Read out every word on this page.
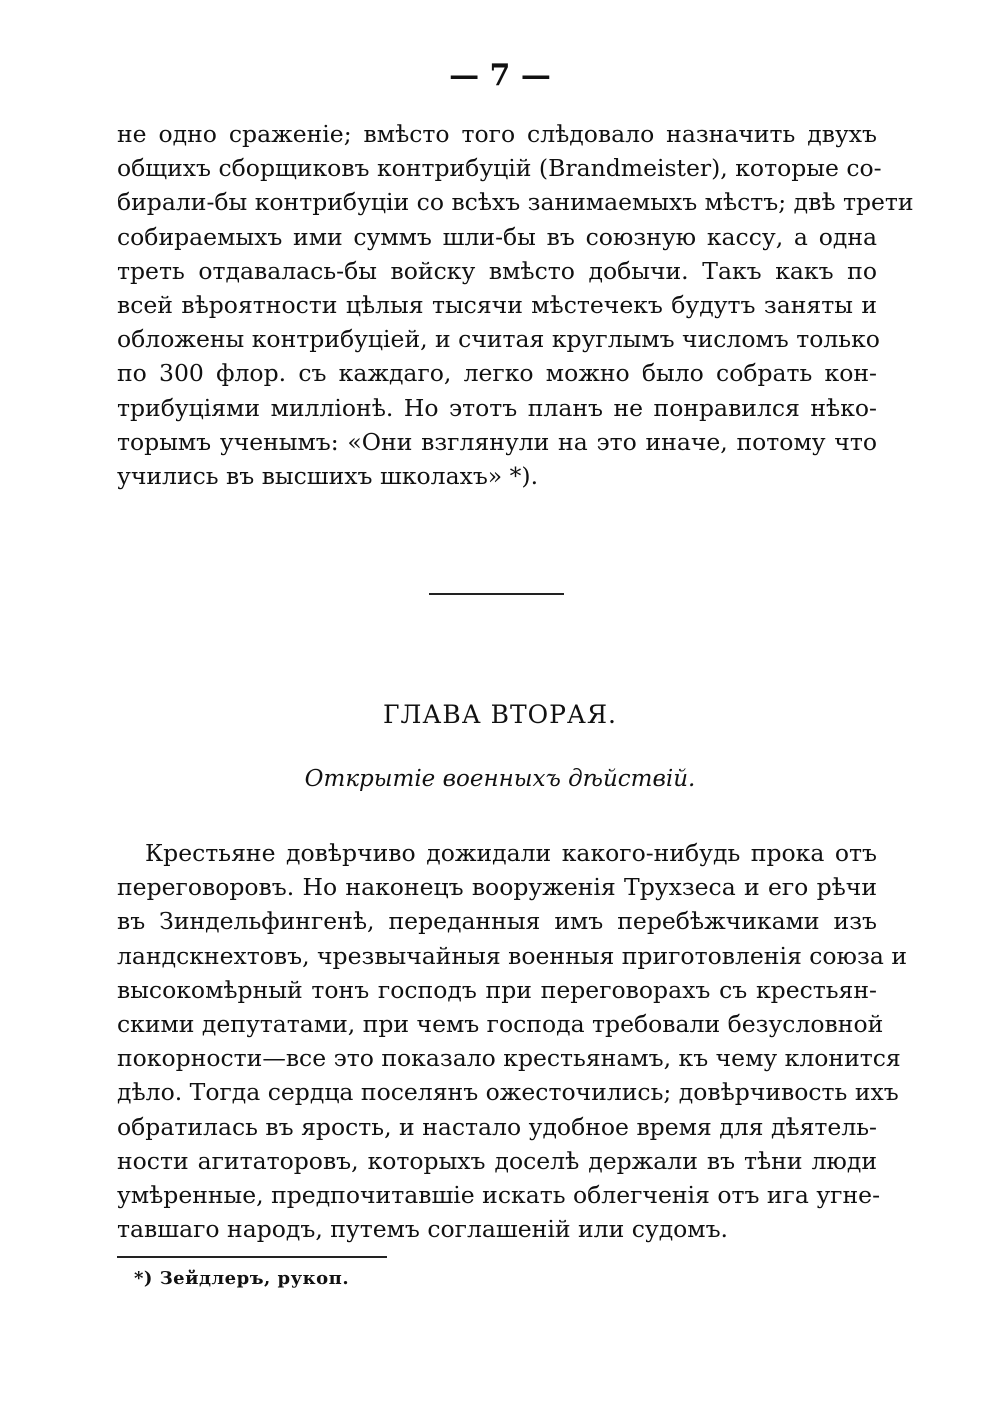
— 7 —
не одно сраженіе; вмѣсто того слѣдовало назначить двухъ
общихъ сборщиковъ контрибуцій (Brandmeister), которые со-
бирали-бы контрибуціи со всѣхъ занимаемыхъ мѣстъ; двѣ трети
собираемыхъ ими суммъ шли-бы въ союзную кассу, а одна
треть отдавалась-бы войску вмѣсто добычи. Такъ какъ по
всей вѣроятности цѣлыя тысячи мѣстечекъ будутъ заняты и
обложены контрибуціей, и считая круглымъ числомъ только
по 300 флор. съ каждаго, легко можно было собрать кон-
трибуціями милліонѣ. Но этотъ планъ не понравился нѣко-
торымъ ученымъ: «Они взглянули на это иначе, потому что
учились въ высшихъ школахъ» *).
ГЛАВА ВТОРАЯ.
Открытіе военныхъ дѣйствій.
Крестьяне довѣрчиво дожидали какого-нибудь прока отъ
переговоровъ. Но наконецъ вооруженія Трухзеса и его рѣчи
въ Зиндельфингенѣ, переданныя имъ перебѣжчиками изъ
ландскнехтовъ, чрезвычайныя военныя приготовленія союза и
высокомѣрный тонъ господъ при переговорахъ съ крестьян-
скими депутатами, при чемъ господа требовали безусловной
покорности—все это показало крестьянамъ, къ чему клонится
дѣло. Тогда сердца поселянъ ожесточились; довѣрчивость ихъ
обратилась въ ярость, и настало удобное время для дѣятель-
ности агитаторовъ, которыхъ доселѣ держали въ тѣни люди
умѣренные, предпочитавшіе искать облегченія отъ ига угне-
тавшаго народъ, путемъ соглашеній или судомъ.
*) Зейдлеръ, рукоп.
